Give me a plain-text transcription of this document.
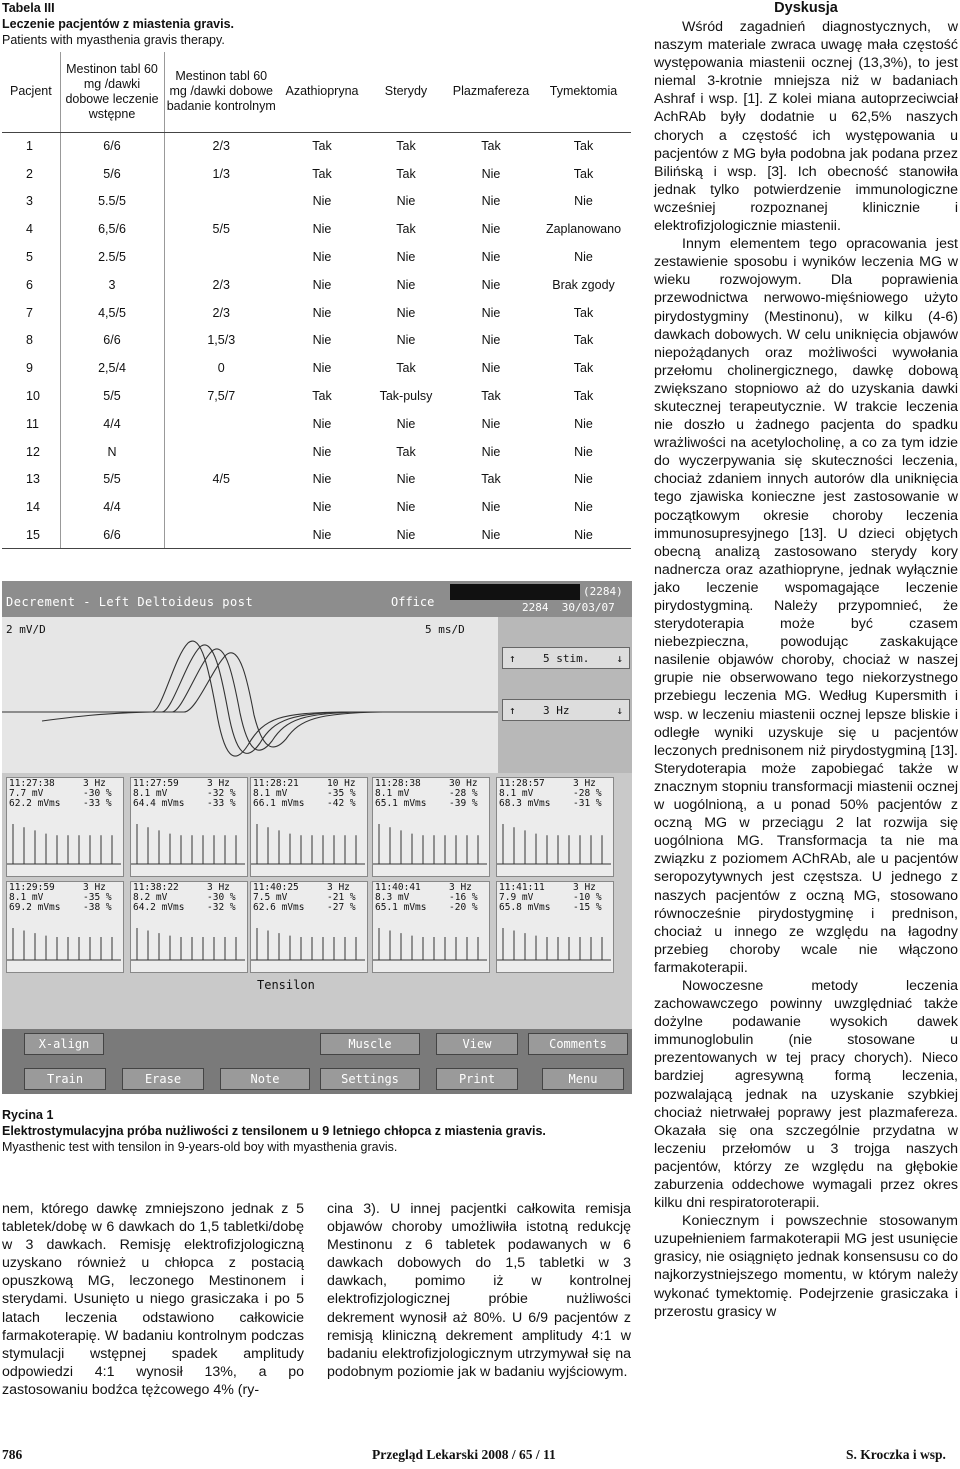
Tabela III
Leczenie pacjentów z miastenia gravis.
Patients with myasthenia gravis therapy.
Pacjent	Mestinon tabl 60 mg /dawki dobowe leczenie wstępne	Mestinon tabl 60 mg /dawki dobowe badanie kontrolnym	Azathiopryna	Sterydy	Plazmafereza	Tymektomia
1	6/6	2/3	Tak	Tak	Tak	Tak
2	5/6	1/3	Tak	Tak	Nie	Tak
3	5.5/5		Nie	Nie	Nie	Nie
4	6,5/6	5/5	Nie	Tak	Nie	Zaplanowano
5	2.5/5		Nie	Nie	Nie	Nie
6	3	2/3	Nie	Nie	Nie	Brak zgody
7	4,5/5	2/3	Nie	Nie	Nie	Tak
8	6/6	1,5/3	Nie	Nie	Nie	Tak
9	2,5/4	0	Nie	Tak	Nie	Tak
10	5/5	7,5/7	Tak	Tak-pulsy	Tak	Tak
11	4/4		Nie	Nie	Nie	Nie
12	N		Nie	Tak	Nie	Nie
13	5/5	4/5	Nie	Nie	Tak	Nie
14	4/4		Nie	Nie	Nie	Nie
15	6/6		Nie	Nie	Nie	Nie
(2284)
Decrement - Left Deltoideus post	Office	2284 30/03/07
2 mV/D	5 ms/D
↑ 5 stim. ↓
↑ 3 Hz	↓
Tensilon
X-align	Muscle	View	Comments
Train	Erase	Note	Settings	Print	Menu
11:27:38	3 Hz
7.7 mV	-30 %
62.2 mVms -33 %
11:27:59	3 Hz
8.1 mV	-32 %
64.4 mVms -33 %
11:28:21	10 Hz
8.1 mV	-35 %
66.1 mVms -42 %
11:28:38	30 Hz
8.1 mV	-28 %
65.1 mVms -39 %
11:28:57	3 Hz
8.1 mV	-28 %
68.3 mVms -31 %
11:29:59	3 Hz
8.1 mV	-35 %
69.2 mVms -38 %
11:38:22	3 Hz
8.2 mV	-30 %
64.2 mVms -32 %
11:40:25	3 Hz
7.5 mV	-21 %
62.6 mVms -27 %
11:40:41	3 Hz
8.3 mV	-16 %
65.1 mVms -20 %
11:41:11	3 Hz
7.9 mV	-10 %
65.8 mVms -15 %
Rycina 1
Elektrostymulacyjna próba nużliwości z tensilonem u 9 letniego chłopca z miastenia gravis.
Myasthenic test with tensilon in 9-years-old boy with myasthenia gravis.

nem, którego dawkę zmniejszono jednak z 5 tabletek/dobę w 6 dawkach do 1,5 tabletki/dobę w 3 dawkach. Remisję elektrofizjologiczną uzyskano również u chłopca z postacią opuszkową MG, leczonego Mestinonem i sterydami. Usunięto u niego grasiczaka i po 5 latach leczenia odstawiono całkowicie farmakoterapię. W badaniu kontrolnym podczas stymulacji wstępnej spadek amplitudy odpowiedzi 4:1 wynosił 13%, a po zastosowaniu bodźca tężcowego 4% (ry-

cina 3). U innej pacjentki całkowita remisja objawów choroby umożliwiła istotną redukcję Mestinonu z 6 tabletek podawanych w 6 dawkach dobowych do 1,5 tabletki w 3 dawkach, pomimo iż w kontrolnej elektrofizjologicznej próbie nużliwości dekrement wynosił aż 80%. U 6/9 pacjentów z remisją kliniczną dekrement amplitudy 4:1 w badaniu elektrofizjologicznym utrzymywał się na podobnym poziomie jak w badaniu wyjściowym.

Dyskusja

Wśród zagadnień diagnostycznych, w naszym materiale zwraca uwagę mała częstość występowania miastenii ocznej (13,3%), to jest niemal 3-krotnie mniejsza niż w badaniach Ashraf i wsp. [1]. Z kolei miana autoprzeciwciał AchRAb były dodatnie u 62,5% naszych chorych a częstość ich występowania u pacjentów z MG była podobna jak podana przez Bilińską i wsp. [3]. Ich obecność stanowiła jednak tylko potwierdzenie immunologiczne wcześniej rozpoznanej klinicznie i elektrofizjologicznie miastenii.

Innym elementem tego opracowania jest zestawienie sposobu i wyników leczenia MG w wieku rozwojowym. Dla poprawienia przewodnictwa nerwowo-mięśniowego użyto pirydostygminy (Mestinonu), w kilku (4-6) dawkach dobowych. W celu uniknięcia objawów niepożądanych oraz możliwości wywołania przełomu cholinergicznego, dawkę dobową zwiększano stopniowo aż do uzyskania dawki skutecznej terapeutycznie. W trakcie leczenia nie doszło u żadnego pacjenta do spadku wrażliwości na acetylocholinę, a co za tym idzie do wyczerpywania się skuteczności leczenia, chociaż zdaniem innych autorów dla uniknięcia tego zjawiska konieczne jest zastosowanie w początkowym okresie choroby leczenia immunosupresyjnego [13]. U dzieci objętych obecną analizą zastosowano sterydy kory nadnercza oraz azathiopryne, jednak wyłącznie jako leczenie wspomagające leczenie pirydostygminą. Należy przypomnieć, że sterydoterapia może być czasem niebezpieczna, powodując zaskakujące nasilenie objawów choroby, chociaż w naszej grupie nie obserwowano tego niekorzystnego przebiegu leczenia MG. Według Kupersmith i wsp. w leczeniu miastenii ocznej lepsze bliskie i odległe wyniki uzyskuje się u pacjentów leczonych prednisonem niż pirydostygminą [13]. Sterydoterapia może zapobiegać także w znacznym stopniu transformacji miastenii ocznej w uogólnioną, a u ponad 50% pacjentów z oczną MG w przeciągu 2 lat rozwija się uogólniona MG. Transformacja ta nie ma związku z poziomem AChRAb, ale u pacjentów seropozytywnych jest częstsza. U jednego z naszych pacjentów z oczną MG, stosowano równocześnie pirydostygminę i prednison, chociaż u innego ze względu na łagodny przebieg choroby wcale nie włączono farmakoterapii.

Nowoczesne metody leczenia zachowawczego powinny uwzględniać także dożylne podawanie wysokich dawek immunoglobulin (nie stosowane u prezentowanych w tej pracy chorych). Nieco bardziej agresywną formą leczenia, pozwalającą jednak na uzyskanie szybkiej chociaż nietrwałej poprawy jest plazmafereza. Okazała się ona szczególnie przydatna w leczeniu przełomów u 3 trojga naszych pacjentów, którzy ze względu na głębokie zaburzenia oddechowe wymagali przez okres kilku dni respiratoroterapii.

Koniecznym i powszechnie stosowanym uzupełnieniem farmakoterapii MG jest usunięcie grasicy, nie osiągnięto jednak konsensusu co do najkorzystniejszego momentu, w którym należy wykonać tymektomię. Podejrzenie grasiczaka i przerostu grasicy w

786	Przegląd Lekarski 2008 / 65 / 11	S. Kroczka i wsp.
